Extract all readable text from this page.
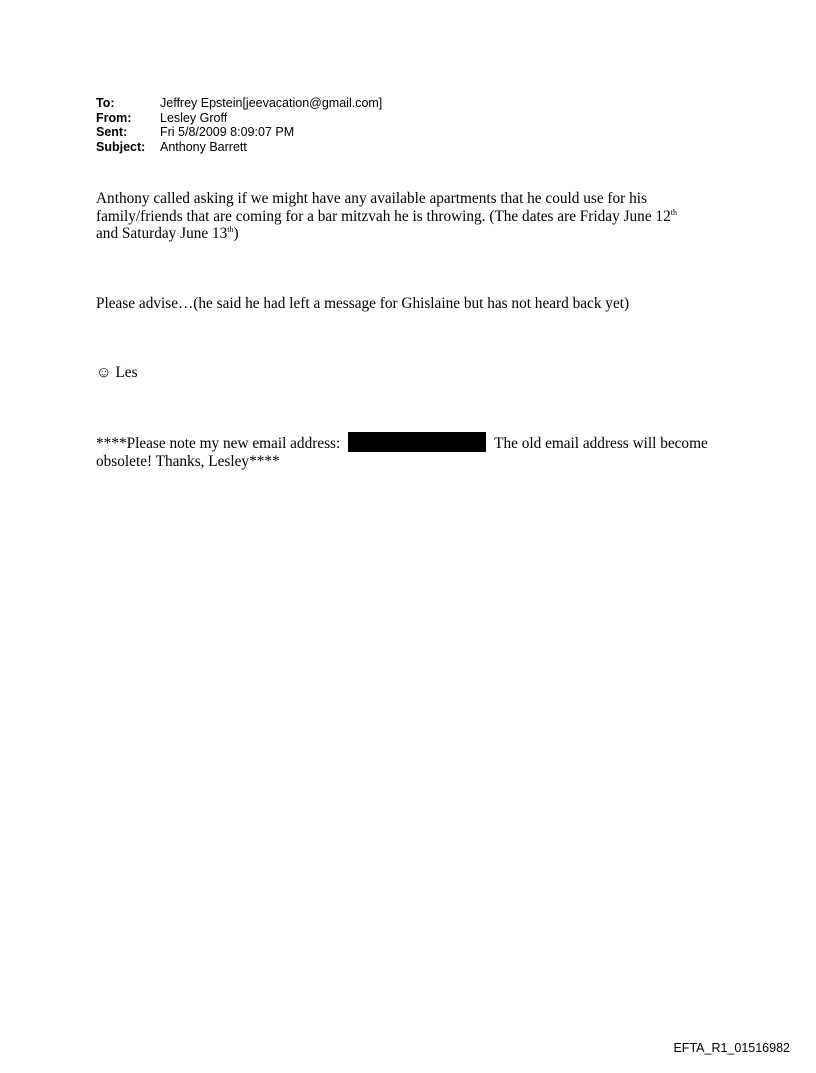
To:	Jeffrey Epstein[jeevacation@gmail.com]
From:	Lesley Groff
Sent:	Fri 5/8/2009 8:09:07 PM
Subject:	Anthony Barrett
Anthony called asking if we might have any available apartments that he could use for his
family/friends that are coming for a bar mitzvah he is throwing. (The dates are Friday June 12th
and Saturday June 13th)
Please advise…(he said he had left a message for Ghislaine but has not heard back yet)
☺ Les
****Please note my new email address:	The old email address will become
obsolete! Thanks, Lesley****
EFTA_R1_01516982
